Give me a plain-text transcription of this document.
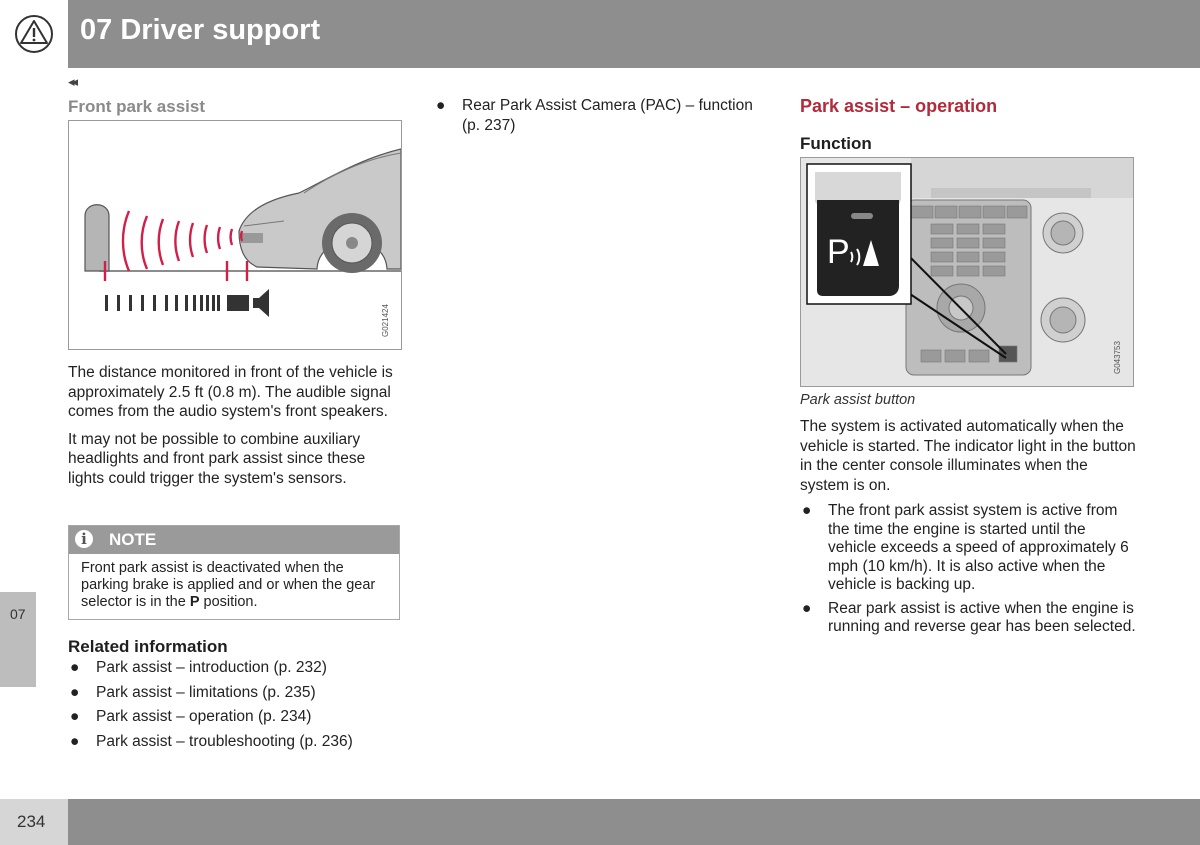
07 Driver support
◂◂
07
Front park assist
G021424

The distance monitored in front of the vehicle is approximately 2.5 ft (0.8 m). The audible signal comes from the audio system's front speakers.

It may not be possible to combine auxiliary headlights and front park assist since these lights could trigger the system's sensors.

i	NOTE
Front park assist is deactivated when the parking brake is applied and or when the gear selector is in the P position.
Related information
● Park assist – introduction (p. 232)
● Park assist – limitations (p. 235)
● Park assist – operation (p. 234)
● Park assist – troubleshooting (p. 236)
● Rear Park Assist Camera (PAC) – function (p. 237)
Park assist – operation
Function
P
G043753
Park assist button

The system is activated automatically when the vehicle is started. The indicator light in the button in the center console illuminates when the system is on.

● The front park assist system is active from the time the engine is started until the vehicle exceeds a speed of approximately 6 mph (10 km/h). It is also active when the vehicle is backing up.
● Rear park assist is active when the engine is running and reverse gear has been selected.
234
